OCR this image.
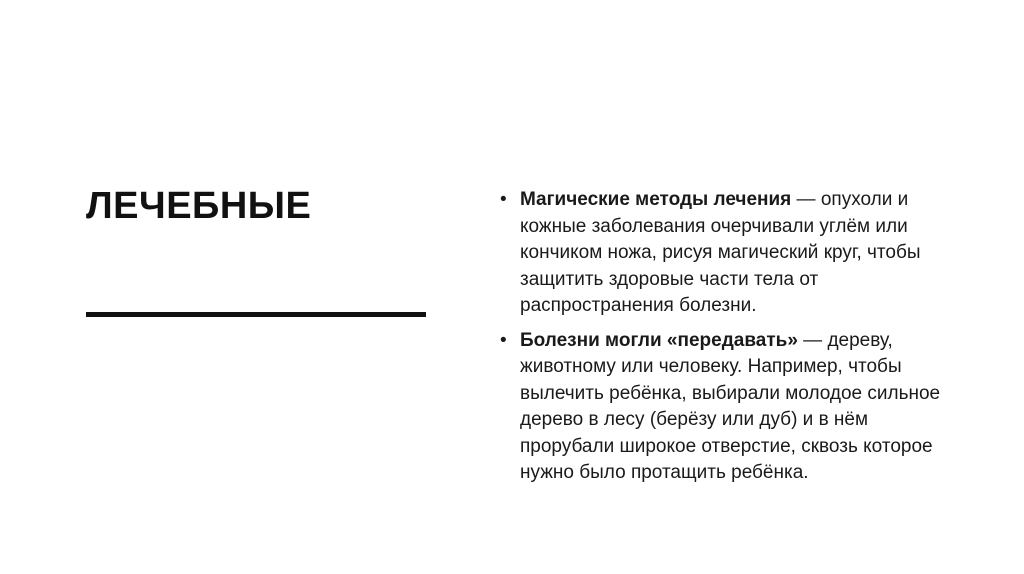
ЛЕЧЕБНЫЕ	• Магические методы лечения — опухоли и кожные заболевания очерчивали углём или кончиком ножа, рисуя магический круг, чтобы защитить здоровые части тела от распространения болезни.
• Болезни могли «передавать» — дереву, животному или человеку. Например, чтобы вылечить ребёнка, выбирали молодое сильное дерево в лесу (берёзу или дуб) и в нём прорубали широкое отверстие, сквозь которое нужно было протащить ребёнка.
